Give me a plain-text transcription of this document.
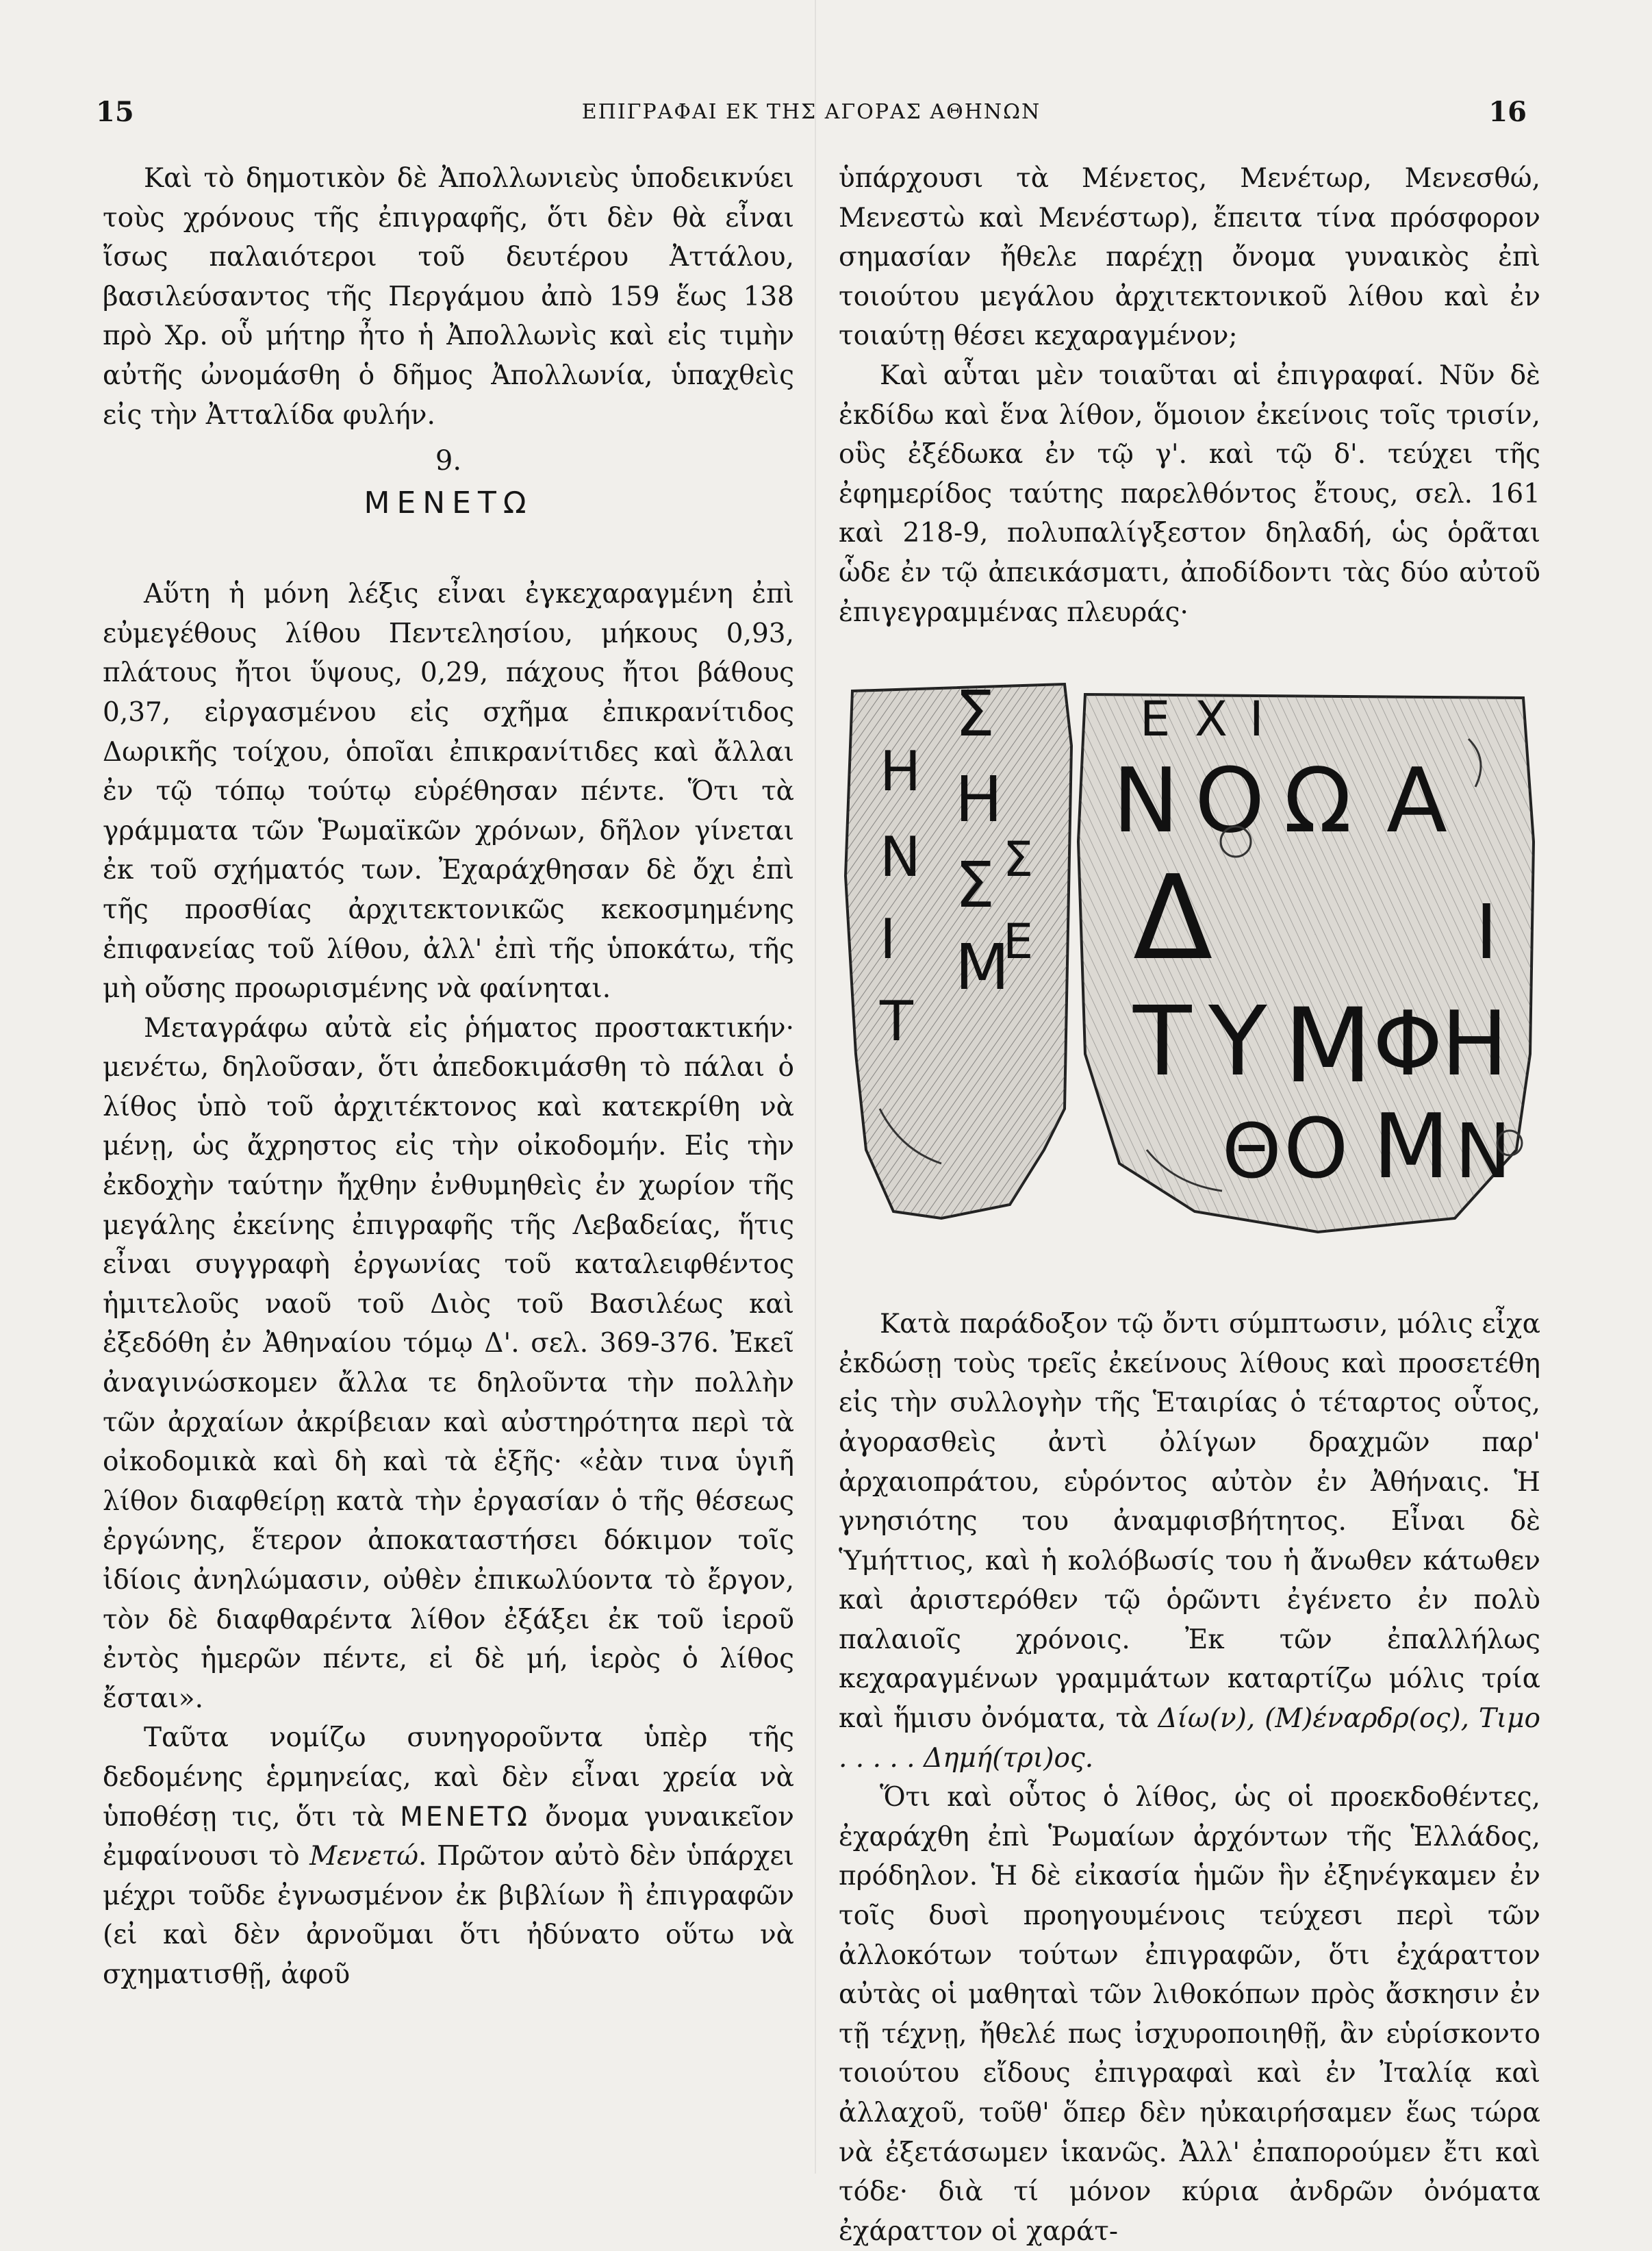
15	ΕΠΙΓΡΑΦΑΙ ΕΚ ΤΗΣ ΑΓΟΡΑΣ ΑΘΗΝΩΝ	16

Καὶ τὸ δημοτικὸν δὲ Ἀπολλωνιεὺς ὑποδεικνύει τοὺς χρόνους τῆς ἐπιγραφῆς, ὅτι δὲν θὰ εἶναι ἴσως παλαιότεροι τοῦ δευτέρου Ἀττάλου, βασιλεύσαντος τῆς Περγάμου ἀπὸ 159 ἕως 138 πρὸ Χρ. οὗ μήτηρ ἦτο ἡ Ἀπολλωνὶς καὶ εἰς τιμὴν αὐτῆς ὠνομάσθη ὁ δῆμος Ἀπολλωνία, ὑπαχθεὶς εἰς τὴν Ἀτταλίδα φυλήν.

9.
ΜΕΝΕΤΩ

Αὕτη ἡ μόνη λέξις εἶναι ἐγκεχαραγμένη ἐπὶ εὐμεγέθους λίθου Πεντελησίου, μήκους 0,93, πλάτους ἤτοι ὕψους, 0,29, πάχους ἤτοι βάθους 0,37, εἰργασμένου εἰς σχῆμα ἐπικρανίτιδος Δωρικῆς τοίχου, ὁποῖαι ἐπικρανίτιδες καὶ ἄλλαι ἐν τῷ τόπῳ τούτῳ εὑρέθησαν πέντε. Ὅτι τὰ γράμματα τῶν Ῥωμαϊκῶν χρόνων, δῆλον γίνεται ἐκ τοῦ σχήματός των. Ἐχαράχθησαν δὲ ὄχι ἐπὶ τῆς προσθίας ἀρχιτεκτονικῶς κεκοσμημένης ἐπιφανείας τοῦ λίθου, ἀλλ' ἐπὶ τῆς ὑποκάτω, τῆς μὴ οὔσης προωρισμένης νὰ φαίνηται.

Μεταγράφω αὐτὰ εἰς ῥήματος προστακτικήν· μενέτω, δηλοῦσαν, ὅτι ἀπεδοκιμάσθη τὸ πάλαι ὁ λίθος ὑπὸ τοῦ ἀρχιτέκτονος καὶ κατεκρίθη νὰ μένῃ, ὡς ἄχρηστος εἰς τὴν οἰκοδομήν. Εἰς τὴν ἐκδοχὴν ταύτην ἤχθην ἐνθυμηθεὶς ἐν χωρίον τῆς μεγάλης ἐκείνης ἐπιγραφῆς τῆς Λεβαδείας, ἥτις εἶναι συγγραφὴ ἐργωνίας τοῦ καταλειφθέντος ἡμιτελοῦς ναοῦ τοῦ Διὸς τοῦ Βασιλέως καὶ ἐξεδόθη ἐν Ἀθηναίου τόμῳ Δ'. σελ. 369-376. Ἐκεῖ ἀναγινώσκομεν ἄλλα τε δηλοῦντα τὴν πολλὴν τῶν ἀρχαίων ἀκρίβειαν καὶ αὐστηρότητα περὶ τὰ οἰκοδομικὰ καὶ δὴ καὶ τὰ ἑξῆς· «ἐὰν τινα ὑγιῆ λίθον διαφθείρῃ κατὰ τὴν ἐργασίαν ὁ τῆς θέσεως ἐργώνης, ἕτερον ἀποκαταστήσει δόκιμον τοῖς ἰδίοις ἀνηλώμασιν, οὐθὲν ἐπικωλύοντα τὸ ἔργον, τὸν δὲ διαφθαρέντα λίθον ἐξάξει ἐκ τοῦ ἱεροῦ ἐντὸς ἡμερῶν πέντε, εἰ δὲ μή, ἱερὸς ὁ λίθος ἔσται».

Ταῦτα νομίζω συνηγοροῦντα ὑπὲρ τῆς δεδομένης ἑρμηνείας, καὶ δὲν εἶναι χρεία νὰ ὑποθέσῃ τις, ὅτι τὰ ΜΕΝΕΤΩ ὄνομα γυναικεῖον ἐμφαίνουσι τὸ Μενετώ. Πρῶτον αὐτὸ δὲν ὑπάρχει μέχρι τοῦδε ἐγνωσμένον ἐκ βιβλίων ἢ ἐπιγραφῶν (εἰ καὶ δὲν ἀρνοῦμαι ὅτι ἠδύνατο οὕτω νὰ σχηματισθῇ, ἀφοῦ

ὑπάρχουσι τὰ Μένετος, Μενέτωρ, Μενεσθώ, Μενεστὼ καὶ Μενέστωρ), ἔπειτα τίνα πρόσφορον σημασίαν ἤθελε παρέχῃ ὄνομα γυναικὸς ἐπὶ τοιούτου μεγάλου ἀρχιτεκτονικοῦ λίθου καὶ ἐν τοιαύτῃ θέσει κεχαραγμένον;

Καὶ αὗται μὲν τοιαῦται αἱ ἐπιγραφαί. Νῦν δὲ ἐκδίδω καὶ ἕνα λίθον, ὅμοιον ἐκείνοις τοῖς τρισίν, οὓς ἐξέδωκα ἐν τῷ γ'. καὶ τῷ δ'. τεύχει τῆς ἐφημερίδος ταύτης παρελθόντος ἔτους, σελ. 161 καὶ 218-9, πολυπαλίγξεστον δηλαδή, ὡς ὁρᾶται ὧδε ἐν τῷ ἀπεικάσματι, ἀποδίδοντι τὰς δύο αὐτοῦ ἐπιγεγραμμένας πλευράς·

Σ
Η
Σ
Μ
Η
Ν
Ι
Τ
Σ
Ε
Ε Χ Ι
Ν Ο Ω Α
Δ
Τ Υ Μ Φ
Η
Ι
Μ
Ο
Θ Ν

Κατὰ παράδοξον τῷ ὄντι σύμπτωσιν, μόλις εἶχα ἐκδώσῃ τοὺς τρεῖς ἐκείνους λίθους καὶ προσετέθη εἰς τὴν συλλογὴν τῆς Ἑταιρίας ὁ τέταρτος οὗτος, ἀγορασθεὶς ἀντὶ ὀλίγων δραχμῶν παρ' ἀρχαιοπράτου, εὑρόντος αὐτὸν ἐν Ἀθήναις. Ἡ γνησιότης του ἀναμφισβήτητος. Εἶναι δὲ Ὑμήττιος, καὶ ἡ κολόβωσίς του ἡ ἄνωθεν κάτωθεν καὶ ἀριστερόθεν τῷ ὁρῶντι ἐγένετο ἐν πολὺ παλαιοῖς χρόνοις. Ἐκ τῶν ἐπαλλήλως κεχαραγμένων γραμμάτων καταρτίζω μόλις τρία καὶ ἥμισυ ὀνόματα, τὰ Δίω(ν), (Μ)έναρδρ(ος), Τιμο . . . . . Δημή(τρι)ος.

Ὅτι καὶ οὗτος ὁ λίθος, ὡς οἱ προεκδοθέντες, ἐχαράχθη ἐπὶ Ῥωμαίων ἀρχόντων τῆς Ἑλλάδος, πρόδηλον. Ἡ δὲ εἰκασία ἡμῶν ἣν ἐξηνέγκαμεν ἐν τοῖς δυσὶ προηγουμένοις τεύχεσι περὶ τῶν ἀλλοκότων τούτων ἐπιγραφῶν, ὅτι ἐχάραττον αὐτὰς οἱ μαθηταὶ τῶν λιθοκόπων πρὸς ἄσκησιν ἐν τῇ τέχνῃ, ἤθελέ πως ἰσχυροποιηθῇ, ἂν εὑρίσκοντο τοιούτου εἴδους ἐπιγραφαὶ καὶ ἐν Ἰταλίᾳ καὶ ἀλλαχοῦ, τοῦθ' ὅπερ δὲν ηὐκαιρήσαμεν ἕως τώρα νὰ ἐξετάσωμεν ἱκανῶς. Ἀλλ' ἐπαπορούμεν ἔτι καὶ τόδε· διὰ τί μόνον κύρια ἀνδρῶν ὀνόματα ἐχάραττον οἱ χαράτ-
